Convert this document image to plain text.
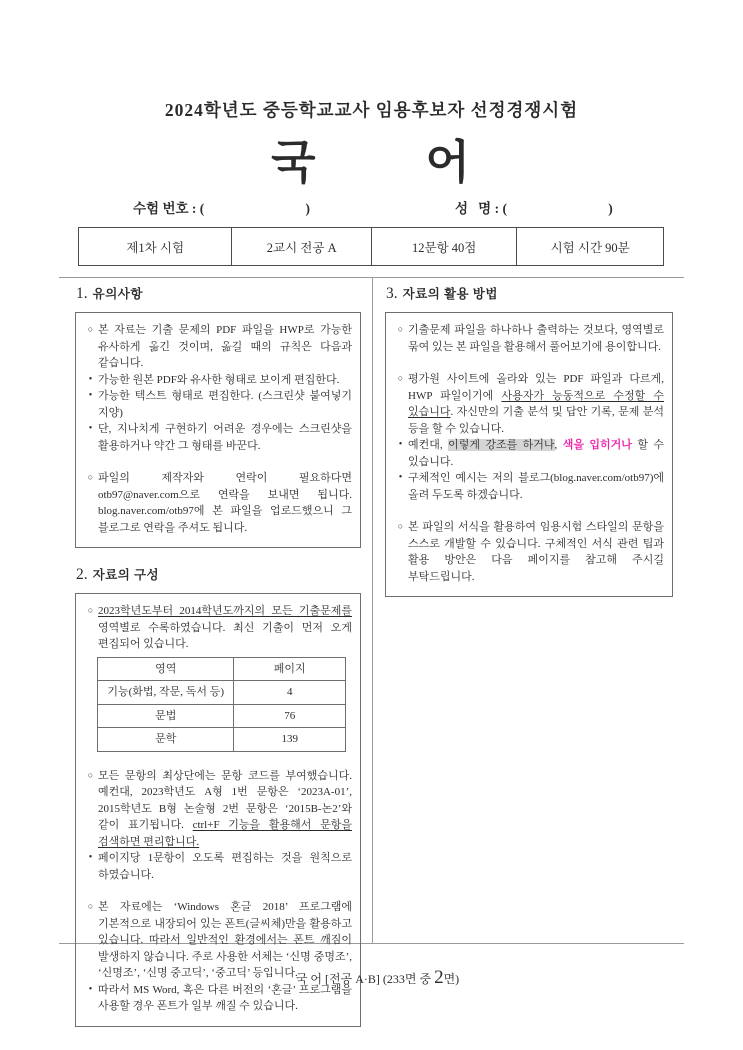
2024학년도 중등학교교사 임용후보자 선정경쟁시험
국        어
수험 번호 : (                              )	성   명 : (                              )
제1차 시험	2교시 전공 A	12문항 40점	시험 시간 90분
1. 유의사항
○ 본 자료는 기출 문제의 PDF 파일을 HWP로 가능한 유사하게 옮긴 것이며, 옮길 때의 규칙은 다음과 같습니다.
• 가능한 원본 PDF와 유사한 형태로 보이게 편집한다.
• 가능한 텍스트 형태로 편집한다. (스크린샷 붙여넣기 지양)
• 단, 지나치게 구현하기 어려운 경우에는 스크린샷을 활용하거나 약간 그 형태를 바꾼다.
○ 파일의 제작자와 연락이 필요하다면 otb97@naver.com으로 연락을 보내면 됩니다. blog.naver.com/otb97에 본 파일을 업로드했으니 그 블로그로 연락을 주셔도 됩니다.
2. 자료의 구성
○ 2023학년도부터 2014학년도까지의 모든 기출문제를 영역별로 수록하였습니다. 최신 기출이 먼저 오게 편집되어 있습니다.
영역	페이지
기능(화법, 작문, 독서 등)	4
문법	76
문학	139
○ 모든 문항의 최상단에는 문항 코드를 부여했습니다. 예컨대, 2023학년도 A형 1번 문항은 ‘2023A-01’, 2015학년도 B형 논술형 2번 문항은 ‘2015B-논2’와 같이 표기됩니다. ctrl+F 기능을 활용해서 문항을 검색하면 편리합니다.
• 페이지당 1문항이 오도록 편집하는 것을 원칙으로 하였습니다.
○ 본 자료에는 ‘Windows 혼글 2018’ 프로그램에 기본적으로 내장되어 있는 폰트(글씨체)만을 활용하고 있습니다. 따라서 일반적인 환경에서는 폰트 깨짐이 발생하지 않습니다. 주로 사용한 서체는 ‘신명 중명조’, ‘신명조’, ‘신명 중고딕’, ‘중고딕’ 등입니다.
• 따라서 MS Word, 혹은 다른 버전의 ‘혼글’ 프로그램을 사용할 경우 폰트가 일부 깨질 수 있습니다.
3. 자료의 활용 방법
○ 기출문제 파일을 하나하나 출력하는 것보다, 영역별로 묶여 있는 본 파일을 활용해서 풀어보기에 용이합니다.
○ 평가원 사이트에 올라와 있는 PDF 파일과 다르게, HWP 파일이기에 사용자가 능동적으로 수정할 수 있습니다. 자신만의 기출 분석 및 답안 기록, 문제 분석 등을 할 수 있습니다.
• 예컨대, 이렇게 강조를 하거나, 색을 입히거나 할 수 있습니다.
• 구체적인 예시는 저의 블로그(blog.naver.com/otb97)에 올려 두도록 하겠습니다.
○ 본 파일의 서식을 활용하여 임용시험 스타일의 문항을 스스로 개발할 수 있습니다. 구체적인 서식 관련 팁과 활용 방안은 다음 페이지를 참고해 주시길 부탁드립니다.

국 어 [전공 A·B] (233면 중 2면)
